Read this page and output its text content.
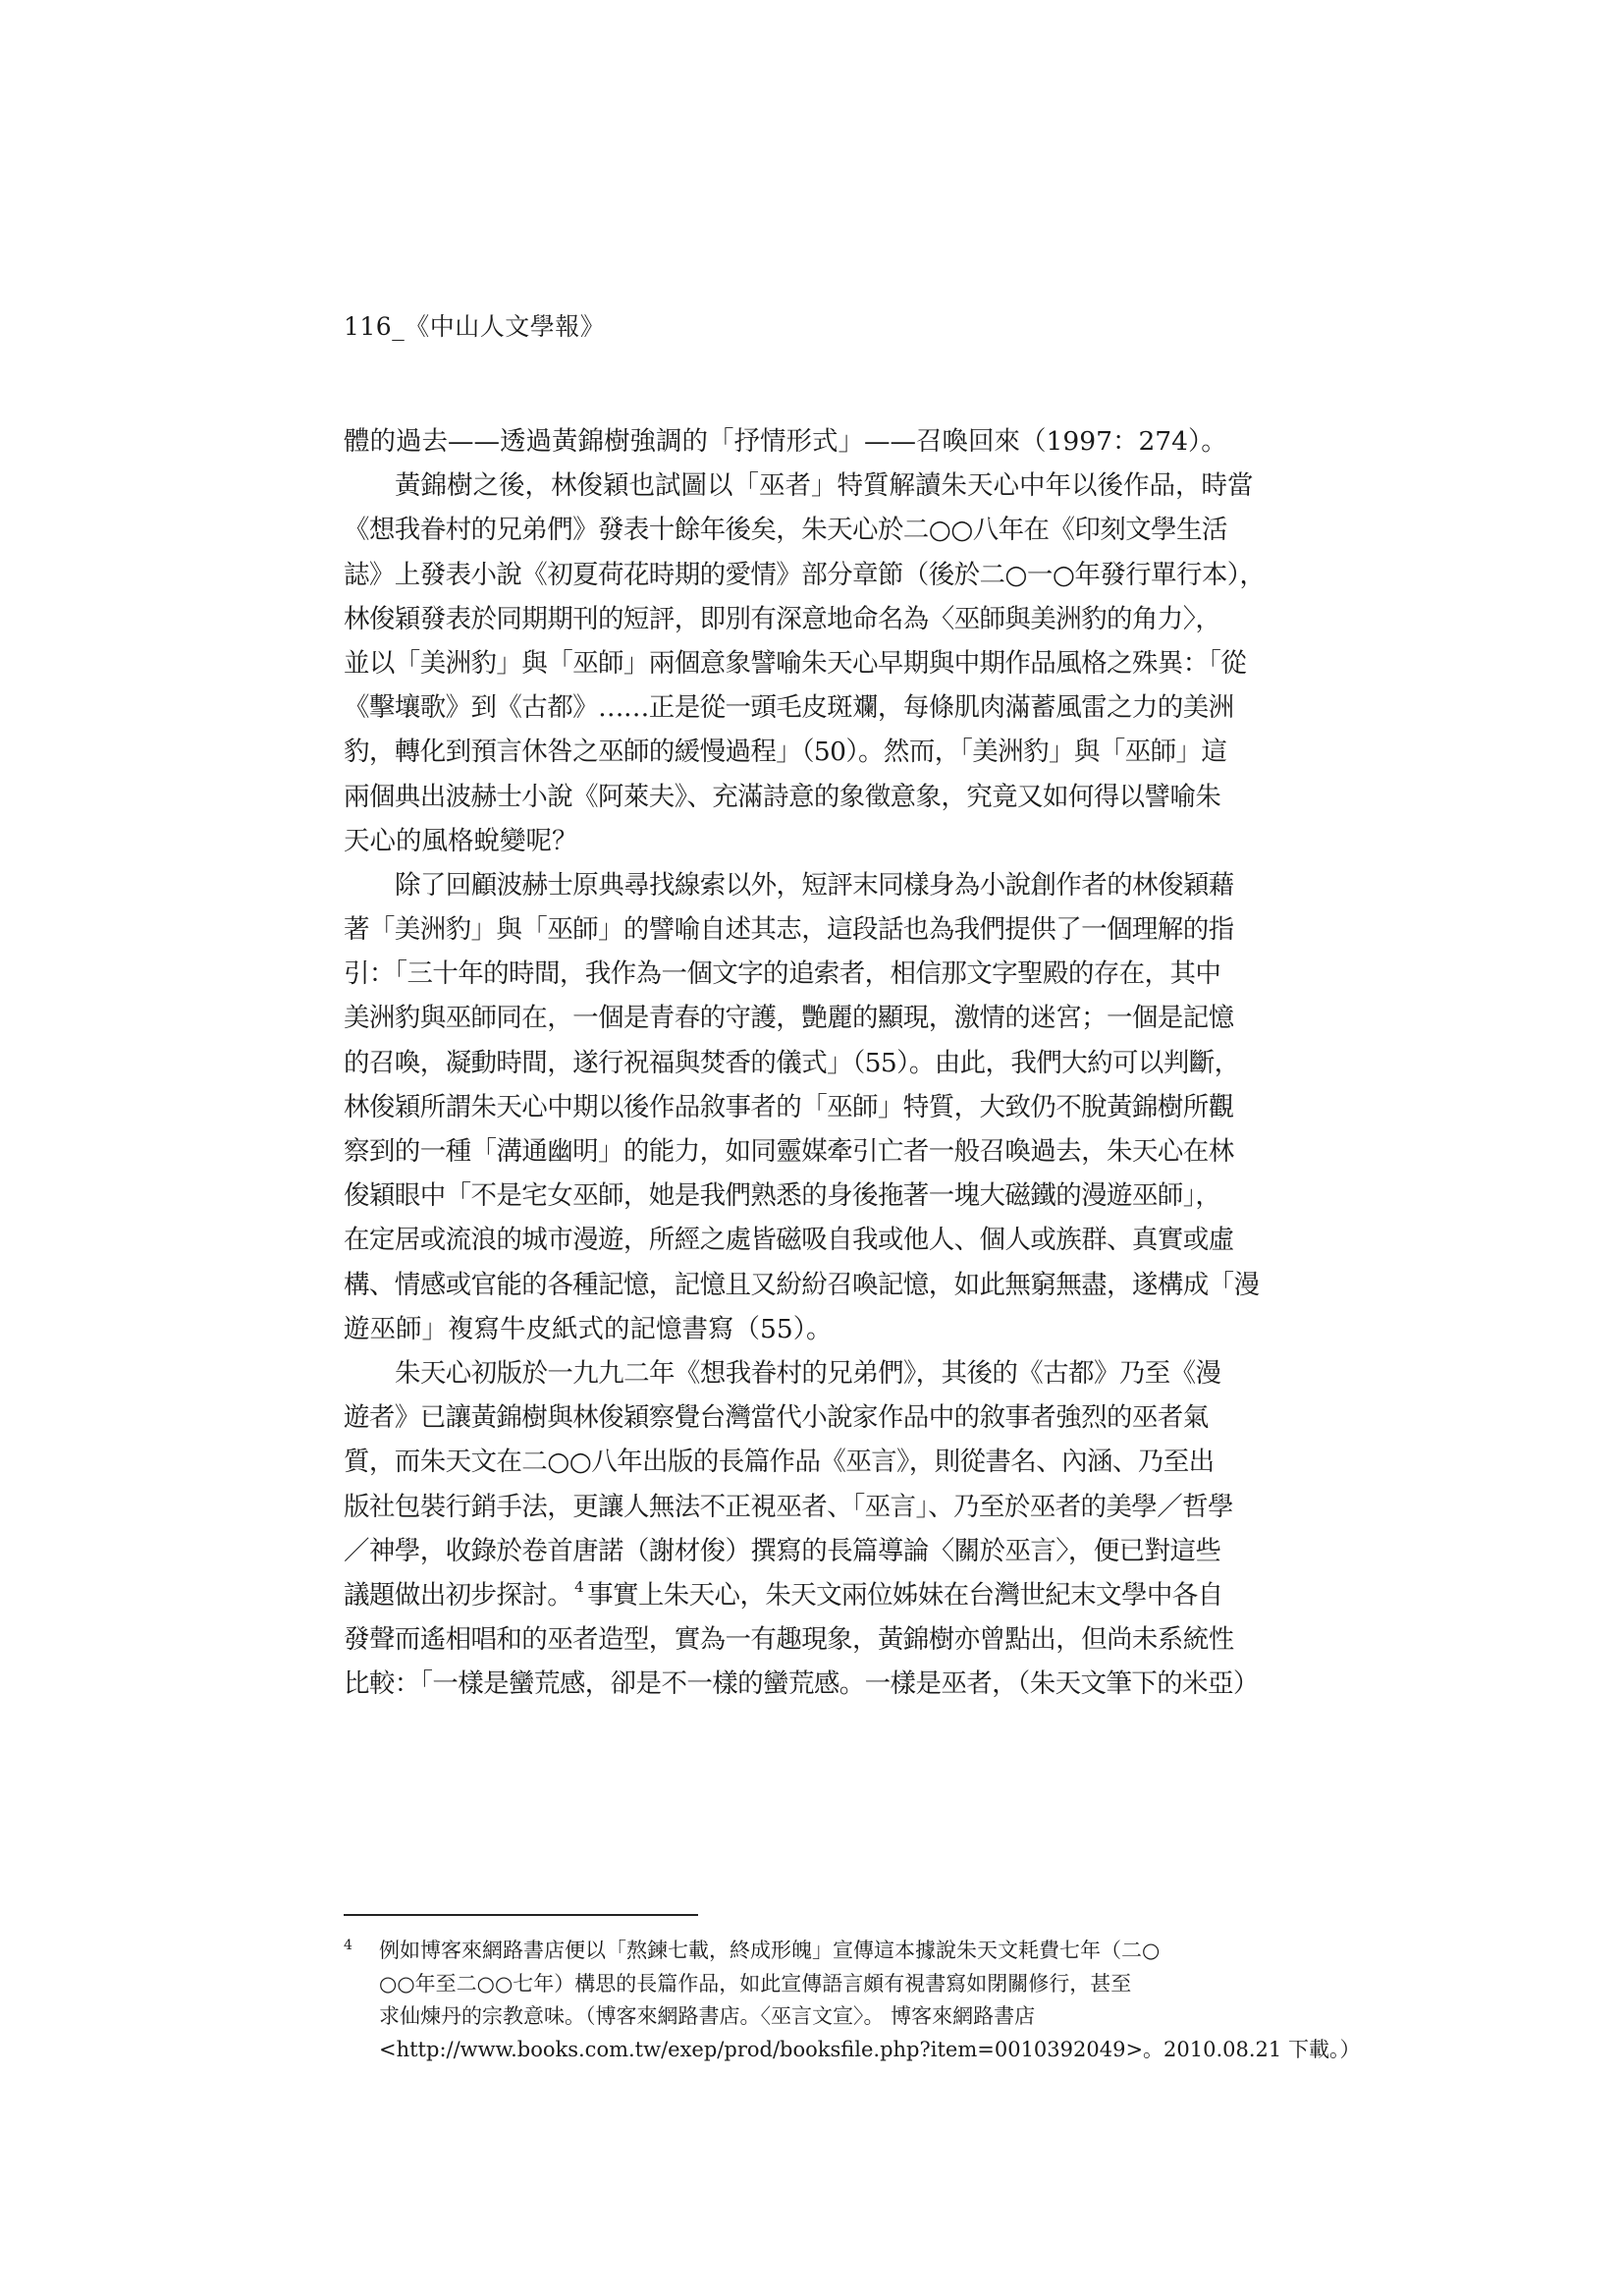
116_《中山人文學報》
體的過去——透過黃錦樹強調的「抒情形式」——召喚回來（1997：274）。
黃錦樹之後，林俊穎也試圖以「巫者」特質解讀朱天心中年以後作品，時當
《想我眷村的兄弟們》發表十餘年後矣，朱天心於二○○八年在《印刻文學生活
誌》上發表小說《初夏荷花時期的愛情》部分章節（後於二○一○年發行單行本），
林俊穎發表於同期期刊的短評，即別有深意地命名為〈巫師與美洲豹的角力〉，
並以「美洲豹」與「巫師」兩個意象譬喻朱天心早期與中期作品風格之殊異：「從
《擊壤歌》到《古都》……正是從一頭毛皮斑斕，每條肌肉滿蓄風雷之力的美洲
豹，轉化到預言休咎之巫師的緩慢過程」（50）。然而，「美洲豹」與「巫師」這
兩個典出波赫士小說《阿萊夫》、充滿詩意的象徵意象，究竟又如何得以譬喻朱
天心的風格蛻變呢？
除了回顧波赫士原典尋找線索以外，短評末同樣身為小說創作者的林俊穎藉
著「美洲豹」與「巫師」的譬喻自述其志，這段話也為我們提供了一個理解的指
引：「三十年的時間，我作為一個文字的追索者，相信那文字聖殿的存在，其中
美洲豹與巫師同在，一個是青春的守護，艷麗的顯現，激情的迷宮；一個是記憶
的召喚，凝動時間，遂行祝福與焚香的儀式」（55）。由此，我們大約可以判斷，
林俊穎所謂朱天心中期以後作品敘事者的「巫師」特質，大致仍不脫黃錦樹所觀
察到的一種「溝通幽明」的能力，如同靈媒牽引亡者一般召喚過去，朱天心在林
俊穎眼中「不是宅女巫師，她是我們熟悉的身後拖著一塊大磁鐵的漫遊巫師」，
在定居或流浪的城市漫遊，所經之處皆磁吸自我或他人、個人或族群、真實或虛
構、情感或官能的各種記憶，記憶且又紛紛召喚記憶，如此無窮無盡，遂構成「漫
遊巫師」複寫牛皮紙式的記憶書寫（55）。
朱天心初版於一九九二年《想我眷村的兄弟們》，其後的《古都》乃至《漫
遊者》已讓黃錦樹與林俊穎察覺台灣當代小說家作品中的敘事者強烈的巫者氣
質，而朱天文在二○○八年出版的長篇作品《巫言》，則從書名、內涵、乃至出
版社包裝行銷手法，更讓人無法不正視巫者、「巫言」、乃至於巫者的美學／哲學
／神學，收錄於卷首唐諾（謝材俊）撰寫的長篇導論〈關於巫言〉，便已對這些
議題做出初步探討。 $^4$ 事實上朱天心，朱天文兩位姊妹在台灣世紀末文學中各自
發聲而遙相唱和的巫者造型，實為一有趣現象，黃錦樹亦曾點出，但尚未系統性
比較：「一樣是蠻荒感，卻是不一樣的蠻荒感。一樣是巫者，（朱天文筆下的米亞）
4 例如博客來網路書店便以「熬鍊七載，終成形魄」宣傳這本據說朱天文耗費七年（二○
○○年至二○○七年）構思的長篇作品，如此宣傳語言頗有視書寫如閉關修行，甚至
求仙煉丹的宗教意味。（博客來網路書店。〈巫言文宣〉。 博客來網路書店
<http://www.books.com.tw/exep/prod/booksfile.php?item=0010392049>。2010.08.21 下載。）
